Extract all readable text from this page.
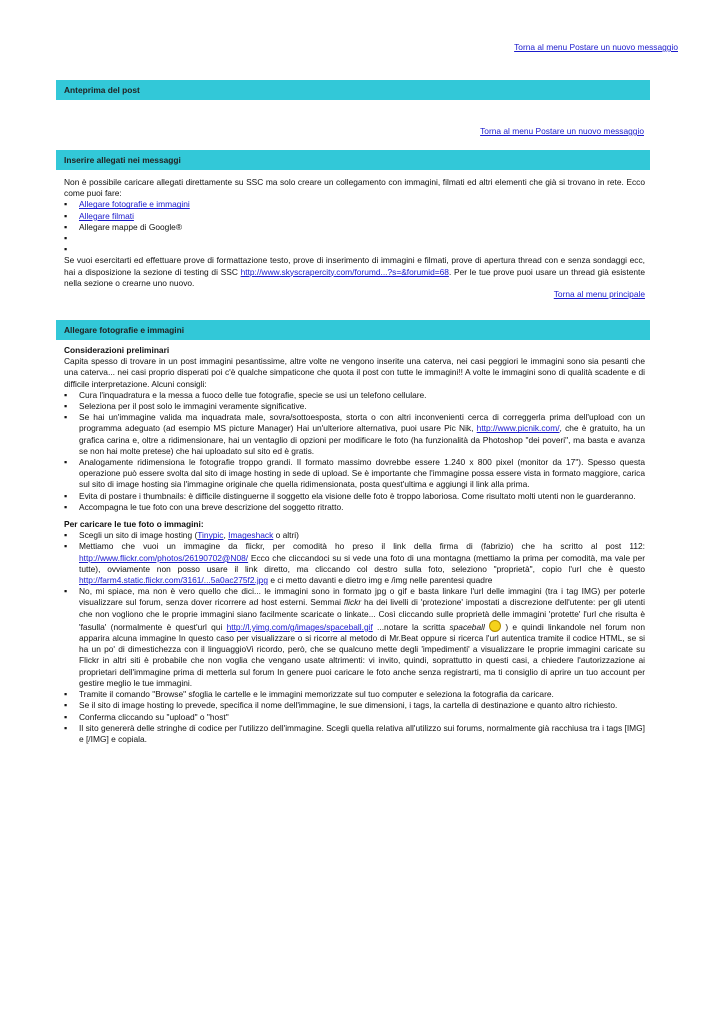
Torna al menu Postare un nuovo messaggio
Anteprima del post
Torna al menu Postare un nuovo messaggio
Inserire allegati nei messaggi

Non è possibile caricare allegati direttamente su SSC ma solo creare un collegamento con immagini, filmati ed altri elementi che già si trovano in rete. Ecco come puoi fare:

▪ Allegare fotografie e immagini
▪ Allegare filmati
▪ Allegare mappe di Google®
▪
▪

Se vuoi esercitarti ed effettuare prove di formattazione testo, prove di inserimento di immagini e filmati, prove di apertura thread con e senza sondaggi ecc, hai a disposizione la sezione di testing di SSC http://www.skyscrapercity.com/forumd...?s=&forumid=68. Per le tue prove puoi usare un thread già esistente nella sezione o crearne uno nuovo.

Torna al menu principale

Allegare fotografie e immagini

Considerazioni preliminari

Capita spesso di trovare in un post immagini pesantissime, altre volte ne vengono inserite una caterva, nei casi peggiori le immagini sono sia pesanti che una caterva... nei casi proprio disperati poi c'è qualche simpaticone che quota il post con tutte le immagini!! A volte le immagini sono di qualità scadente e di difficile interpretazione. Alcuni consigli:

▪ Cura l'inquadratura e la messa a fuoco delle tue fotografie, specie se usi un telefono cellulare.
▪ Seleziona per il post solo le immagini veramente significative.
▪ Se hai un'immagine valida ma inquadrata male, sovra/sottoesposta, storta o con altri inconvenienti cerca di correggerla prima dell'upload con un programma adeguato (ad esempio MS picture Manager) Hai un'ulteriore alternativa, puoi usare Pic Nik, http://www.picnik.com/, che è gratuito, ha un grafica carina e, oltre a ridimensionare, hai un ventaglio di opzioni per modificare le foto (ha funzionalità da Photoshop "dei poveri", ma basta e avanza se non hai molte pretese) che hai uploadato sul sito ed è gratis.
▪ Analogamente ridimensiona le fotografie troppo grandi. Il formato massimo dovrebbe essere 1.240 x 800 pixel (monitor da 17"). Spesso questa operazione può essere svolta dal sito di image hosting in sede di upload. Se è importante che l'immagine possa essere vista in formato maggiore, carica sul sito di image hosting sia l'immagine originale che quella ridimensionata, posta quest'ultima e aggiungi il link alla prima.
▪ Evita di postare i thumbnails: è difficile distinguerne il soggetto ela visione delle foto è troppo laboriosa. Come risultato molti utenti non le guarderanno.
▪ Accompagna le tue foto con una breve descrizione del soggetto ritratto.

Per caricare le tue foto o immagini:

▪ Scegli un sito di image hosting (Tinypic, Imageshack o altri)
▪ Mettiamo che vuoi un immagine da flickr, per comodità ho preso il link della firma di (fabrizio) che ha scritto al post 112: http://www.flickr.com/photos/26190702@N08/ Ecco che cliccandoci su si vede una foto di una montagna (mettiamo la prima per comodità, ma vale per tutte), ovviamente non posso usare il link diretto, ma cliccando col destro sulla foto, seleziono "proprietà", copio l'url che è questo http://farm4.static.flickr.com/3161/...5a0ac275f2.jpg e ci metto davanti e dietro img e /img nelle parentesi quadre
▪ No, mi spiace, ma non è vero quello che dici... le immagini sono in formato jpg o gif e basta linkare l'url delle immagini (tra i tag IMG) per poterle visualizzare sul forum, senza dover ricorrere ad host esterni. Semmai flickr ha dei livelli di 'protezione' impostati a discrezione dell'utente: per gli utenti che non vogliono che le proprie immagini siano facilmente scaricate o linkate... Così cliccando sulle proprietà delle immagini 'protette' l'url che risulta è 'fasulla' (normalmente è quest'url qui http://l.yimg.com/g/images/spaceball.gif ...notare la scritta spaceball  ) e quindi linkandole nel forum non apparira alcuna immagine In questo caso per visualizzare o si ricorre al metodo di Mr.Beat oppure si ricerca l'url autentica tramite il codice HTML, se si ha un po' di dimestichezza con il linguaggioVi ricordo, però, che se qualcuno mette degli 'impedimenti' a visualizzare le proprie immagini caricate su Flickr in altri siti è probabile che non voglia che vengano usate altrimenti: vi invito, quindi, soprattutto in questi casi, a chiedere l'autorizzazione ai proprietari dell'immagine prima di metterla sul forum In genere puoi caricare le foto anche senza registrarti, ma ti consiglio di aprire un tuo account per gestire meglio le tue immagini.
▪ Tramite il comando "Browse" sfoglia le cartelle e le immagini memorizzate sul tuo computer e seleziona la fotografia da caricare.
▪ Se il sito di image hosting lo prevede, specifica il nome dell'immagine, le sue dimensioni, i tags, la cartella di destinazione e quanto altro richiesto.
▪ Conferma cliccando su "upload" o "host"
▪ Il sito genererà delle stringhe di codice per l'utilizzo dell'immagine. Scegli quella relativa all'utilizzo sui forums, normalmente già racchiusa tra i tags [IMG] e [/IMG] e copiala.
